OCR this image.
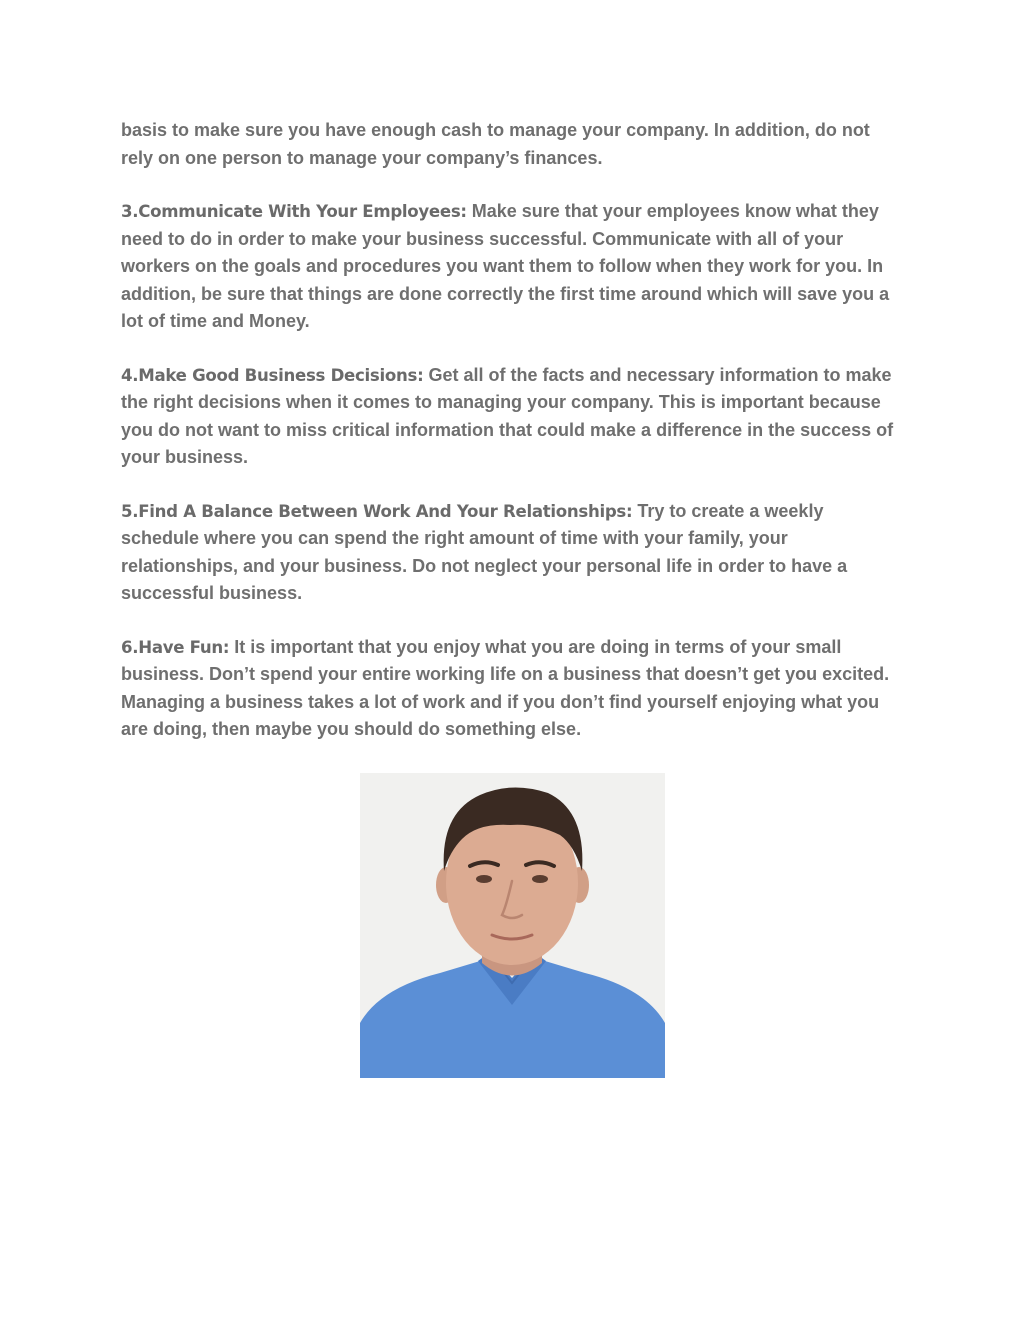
basis to make sure you have enough cash to manage your company. In addition, do not rely on one person to manage your company’s finances.

3.Communicate With Your Employees: Make sure that your employees know what they need to do in order to make your business successful. Communicate with all of your workers on the goals and procedures you want them to follow when they work for you. In addition, be sure that things are done correctly the first time around which will save you a lot of time and Money.

4.Make Good Business Decisions: Get all of the facts and necessary information to make the right decisions when it comes to managing your company. This is important because you do not want to miss critical information that could make a difference in the success of your business.

5.Find A Balance Between Work And Your Relationships: Try to create a weekly schedule where you can spend the right amount of time with your family, your relationships, and your business. Do not neglect your personal life in order to have a successful business.

6.Have Fun: It is important that you enjoy what you are doing in terms of your small business. Don’t spend your entire working life on a business that doesn’t get you excited. Managing a business takes a lot of work and if you don’t find yourself enjoying what you are doing, then maybe you should do something else.
